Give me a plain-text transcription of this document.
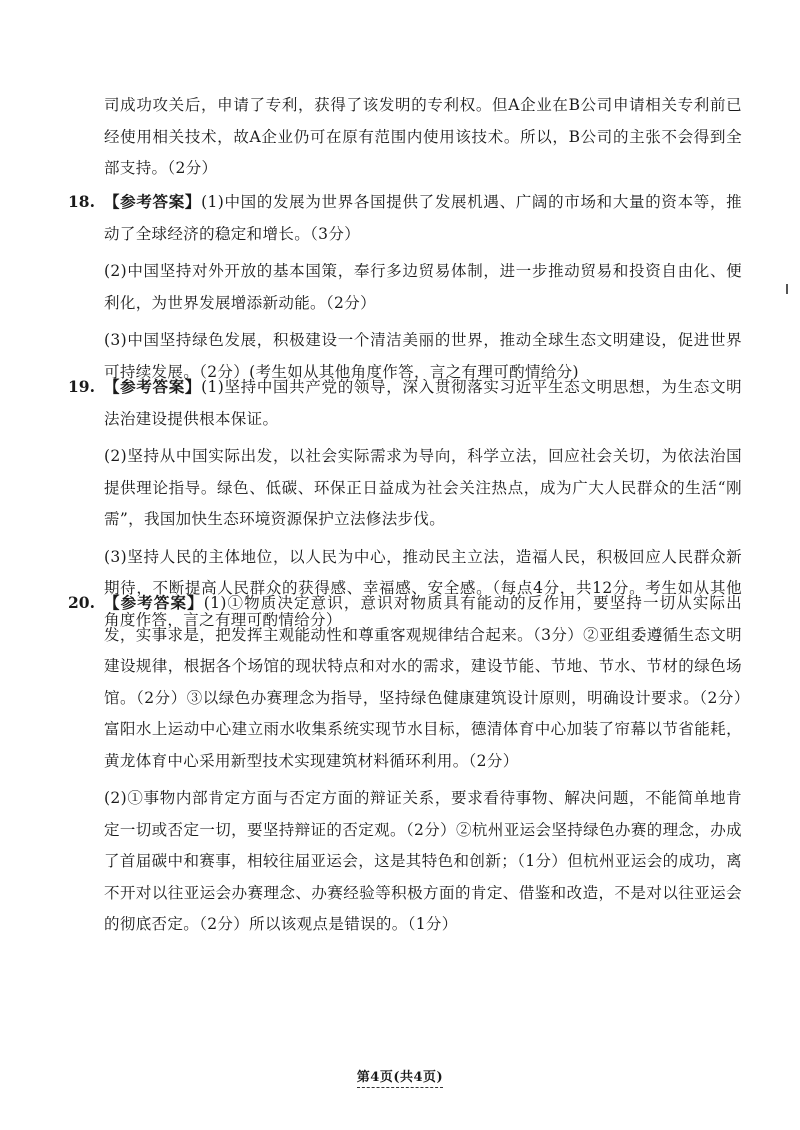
司成功攻关后，申请了专利，获得了该发明的专利权。但A企业在B公司申请相关专利前已经使用相关技术，故A企业仍可在原有范围内使用该技术。所以，B公司的主张不会得到全部支持。（2分）
18. 【参考答案】(1)中国的发展为世界各国提供了发展机遇、广阔的市场和大量的资本等，推动了全球经济的稳定和增长。（3分）
(2)中国坚持对外开放的基本国策，奉行多边贸易体制，进一步推动贸易和投资自由化、便利化，为世界发展增添新动能。（2分）
(3)中国坚持绿色发展，积极建设一个清洁美丽的世界，推动全球生态文明建设，促进世界可持续发展。（2分）(考生如从其他角度作答，言之有理可酌情给分)
19. 【参考答案】(1)坚持中国共产党的领导，深入贯彻落实习近平生态文明思想，为生态文明法治建设提供根本保证。
(2)坚持从中国实际出发，以社会实际需求为导向，科学立法，回应社会关切，为依法治国提供理论指导。绿色、低碳、环保正日益成为社会关注热点，成为广大人民群众的生活“刚需”，我国加快生态环境资源保护立法修法步伐。
(3)坚持人民的主体地位，以人民为中心，推动民主立法，造福人民，积极回应人民群众新期待，不断提高人民群众的获得感、幸福感、安全感。（每点4分，共12分。考生如从其他角度作答，言之有理可酌情给分）
20. 【参考答案】(1)①物质决定意识，意识对物质具有能动的反作用，要坚持一切从实际出发，实事求是，把发挥主观能动性和尊重客观规律结合起来。（3分）②亚组委遵循生态文明建设规律，根据各个场馆的现状特点和对水的需求，建设节能、节地、节水、节材的绿色场馆。（2分）③以绿色办赛理念为指导，坚持绿色健康建筑设计原则，明确设计要求。（2分）富阳水上运动中心建立雨水收集系统实现节水目标，德清体育中心加装了帘幕以节省能耗，黄龙体育中心采用新型技术实现建筑材料循环利用。（2分）
(2)①事物内部肯定方面与否定方面的辩证关系，要求看待事物、解决问题，不能简单地肯定一切或否定一切，要坚持辩证的否定观。（2分）②杭州亚运会坚持绿色办赛的理念，办成了首届碳中和赛事，相较往届亚运会，这是其特色和创新；（1分）但杭州亚运会的成功，离不开对以往亚运会办赛理念、办赛经验等积极方面的肯定、借鉴和改造，不是对以往亚运会的彻底否定。（2分）所以该观点是错误的。（1分）
第4页(共4页)
